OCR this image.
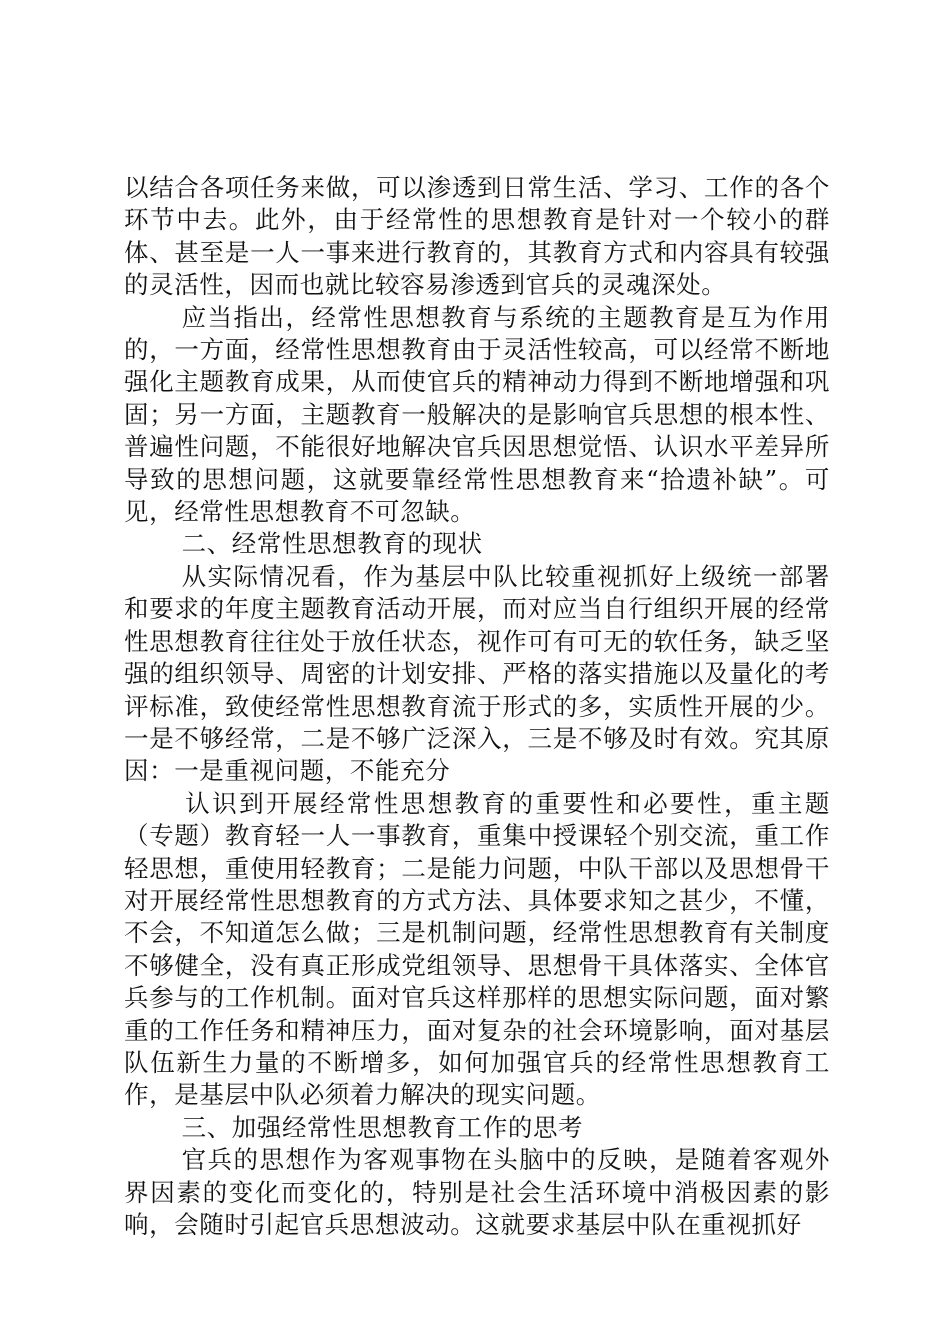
以结合各项任务来做，可以渗透到日常生活、学习、工作的各个环节中去。此外，由于经常性的思想教育是针对一个较小的群体、甚至是一人一事来进行教育的，其教育方式和内容具有较强的灵活性，因而也就比较容易渗透到官兵的灵魂深处。

应当指出，经常性思想教育与系统的主题教育是互为作用的，一方面，经常性思想教育由于灵活性较高，可以经常不断地强化主题教育成果，从而使官兵的精神动力得到不断地增强和巩固；另一方面，主题教育一般解决的是影响官兵思想的根本性、普遍性问题，不能很好地解决官兵因思想觉悟、认识水平差异所导致的思想问题，这就要靠经常性思想教育来“拾遗补缺”。可见，经常性思想教育不可忽缺。

二、经常性思想教育的现状

从实际情况看，作为基层中队比较重视抓好上级统一部署和要求的年度主题教育活动开展，而对应当自行组织开展的经常性思想教育往往处于放任状态，视作可有可无的软任务，缺乏坚强的组织领导、周密的计划安排、严格的落实措施以及量化的考评标准，致使经常性思想教育流于形式的多，实质性开展的少。一是不够经常，二是不够广泛深入，三是不够及时有效。究其原因：一是重视问题，不能充分

认识到开展经常性思想教育的重要性和必要性，重主题（专题）教育轻一人一事教育，重集中授课轻个别交流，重工作轻思想，重使用轻教育；二是能力问题，中队干部以及思想骨干对开展经常性思想教育的方式方法、具体要求知之甚少，不懂，不会，不知道怎么做；三是机制问题，经常性思想教育有关制度不够健全，没有真正形成党组领导、思想骨干具体落实、全体官兵参与的工作机制。面对官兵这样那样的思想实际问题，面对繁重的工作任务和精神压力，面对复杂的社会环境影响，面对基层队伍新生力量的不断增多，如何加强官兵的经常性思想教育工作，是基层中队必须着力解决的现实问题。

三、加强经常性思想教育工作的思考

官兵的思想作为客观事物在头脑中的反映，是随着客观外界因素的变化而变化的，特别是社会生活环境中消极因素的影响，会随时引起官兵思想波动。这就要求基层中队在重视抓好
